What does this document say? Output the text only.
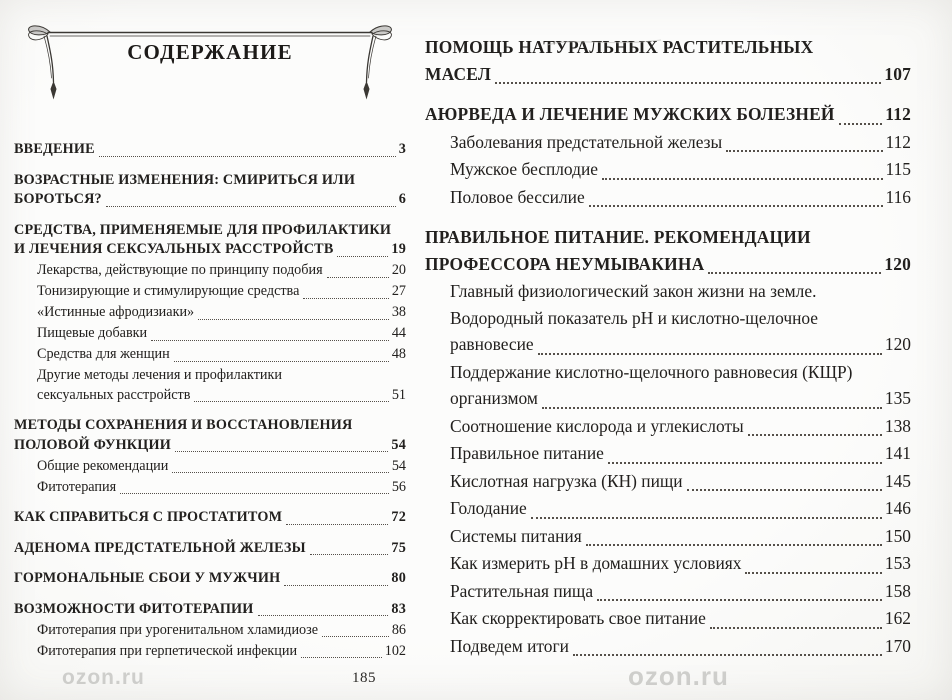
СОДЕРЖАНИЕ
ВВЕДЕНИЕ	3
ВОЗРАСТНЫЕ ИЗМЕНЕНИЯ: СМИРИТЬСЯ ИЛИ
БОРОТЬСЯ?	6
СРЕДСТВА, ПРИМЕНЯЕМЫЕ ДЛЯ ПРОФИЛАКТИКИ
И ЛЕЧЕНИЯ СЕКСУАЛЬНЫХ РАССТРОЙСТВ	19
Лекарства, действующие по принципу подобия	20
Тонизирующие и стимулирующие средства	27
«Истинные афродизиаки»	38
Пищевые добавки	44
Средства для женщин	48
Другие методы лечения и профилактики
сексуальных расстройств	51
МЕТОДЫ СОХРАНЕНИЯ И ВОССТАНОВЛЕНИЯ
ПОЛОВОЙ ФУНКЦИИ	54
Общие рекомендации	54
Фитотерапия	56
КАК СПРАВИТЬСЯ С ПРОСТАТИТОМ	72
АДЕНОМА ПРЕДСТАТЕЛЬНОЙ ЖЕЛЕЗЫ	75
ГОРМОНАЛЬНЫЕ СБОИ У МУЖЧИН	80
ВОЗМОЖНОСТИ ФИТОТЕРАПИИ	83
Фитотерапия при урогенитальном хламидиозе	86
Фитотерапия при герпетической инфекции	102
ПОМОЩЬ НАТУРАЛЬНЫХ РАСТИТЕЛЬНЫХ
МАСЕЛ	107
АЮРВЕДА И ЛЕЧЕНИЕ МУЖСКИХ БОЛЕЗНЕЙ	112
Заболевания предстательной железы	112
Мужское бесплодие	115
Половое бессилие	116
ПРАВИЛЬНОЕ ПИТАНИЕ. РЕКОМЕНДАЦИИ
ПРОФЕССОРА НЕУМЫВАКИНА	120
Главный физиологический закон жизни на земле.
Водородный показатель pH и кислотно-щелочное
равновесие	120
Поддержание кислотно-щелочного равновесия (КЩР)
организмом	135
Соотношение кислорода и углекислоты	138
Правильное питание	141
Кислотная нагрузка (КН) пищи	145
Голодание	146
Системы питания	150
Как измерить pH в домашних условиях	153
Растительная пища	158
Как скорректировать свое питание	162
Подведем итоги	170
185
ozon.ru	ozon.ru
